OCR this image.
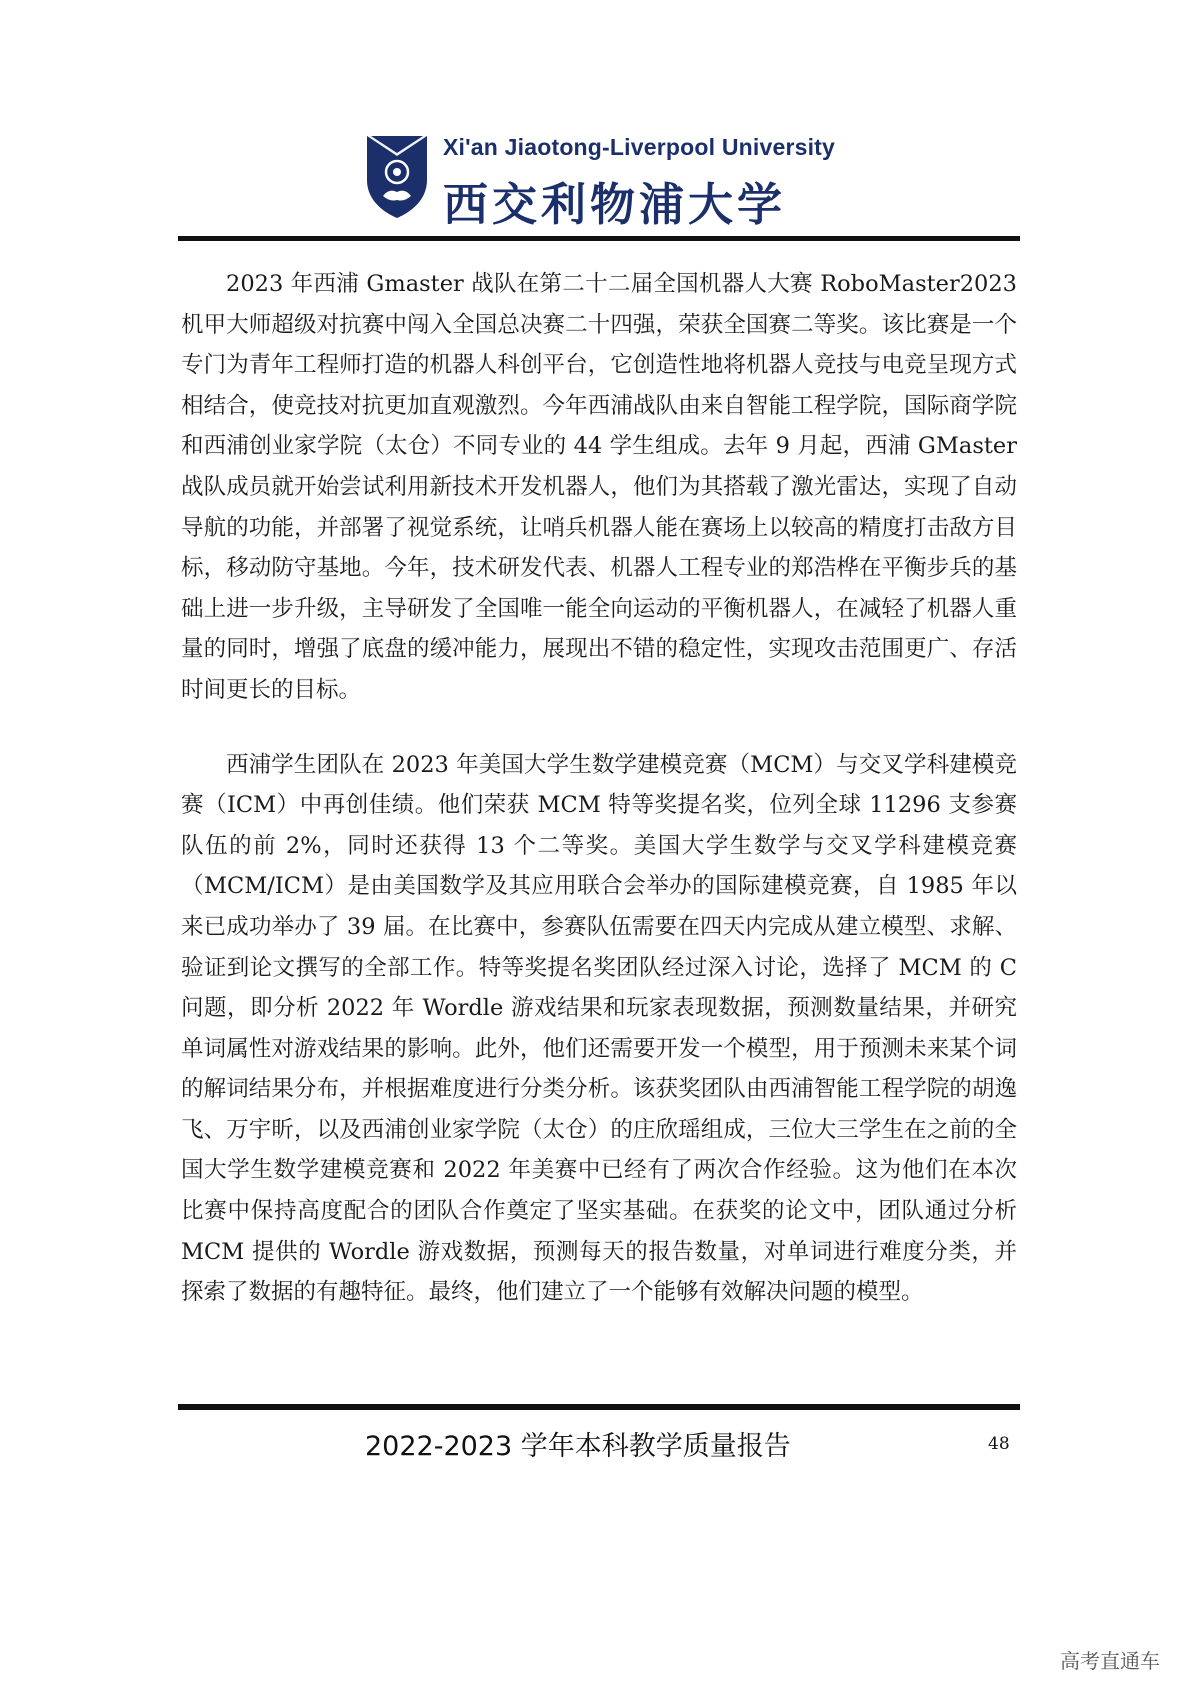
Xi'an Jiaotong-Liverpool University
西交利物浦大学

2023 年西浦 Gmaster 战队在第二十二届全国机器人大赛 RoboMaster2023 机甲大师超级对抗赛中闯入全国总决赛二十四强，荣获全国赛二等奖。该比赛是一个专门为青年工程师打造的机器人科创平台，它创造性地将机器人竞技与电竞呈现方式相结合，使竞技对抗更加直观激烈。今年西浦战队由来自智能工程学院，国际商学院和西浦创业家学院（太仓）不同专业的 44 学生组成。去年 9 月起，西浦 GMaster 战队成员就开始尝试利用新技术开发机器人，他们为其搭载了激光雷达，实现了自动导航的功能，并部署了视觉系统，让哨兵机器人能在赛场上以较高的精度打击敌方目标，移动防守基地。今年，技术研发代表、机器人工程专业的郑浩桦在平衡步兵的基础上进一步升级，主导研发了全国唯一能全向运动的平衡机器人，在减轻了机器人重量的同时，增强了底盘的缓冲能力，展现出不错的稳定性，实现攻击范围更广、存活时间更长的目标。

西浦学生团队在 2023 年美国大学生数学建模竞赛（MCM）与交叉学科建模竞赛（ICM）中再创佳绩。他们荣获 MCM 特等奖提名奖，位列全球 11296 支参赛队伍的前 2%，同时还获得 13 个二等奖。美国大学生数学与交叉学科建模竞赛（MCM/ICM）是由美国数学及其应用联合会举办的国际建模竞赛，自 1985 年以来已成功举办了 39 届。在比赛中，参赛队伍需要在四天内完成从建立模型、求解、验证到论文撰写的全部工作。特等奖提名奖团队经过深入讨论，选择了 MCM 的 C 问题，即分析 2022 年 Wordle 游戏结果和玩家表现数据，预测数量结果，并研究单词属性对游戏结果的影响。此外，他们还需要开发一个模型，用于预测未来某个词的解词结果分布，并根据难度进行分类分析。该获奖团队由西浦智能工程学院的胡逸飞、万宇昕，以及西浦创业家学院（太仓）的庄欣瑶组成，三位大三学生在之前的全国大学生数学建模竞赛和 2022 年美赛中已经有了两次合作经验。这为他们在本次比赛中保持高度配合的团队合作奠定了坚实基础。在获奖的论文中，团队通过分析 MCM 提供的 Wordle 游戏数据，预测每天的报告数量，对单词进行难度分类，并探索了数据的有趣特征。最终，他们建立了一个能够有效解决问题的模型。

2022-2023 学年本科教学质量报告	48
高考直通车
